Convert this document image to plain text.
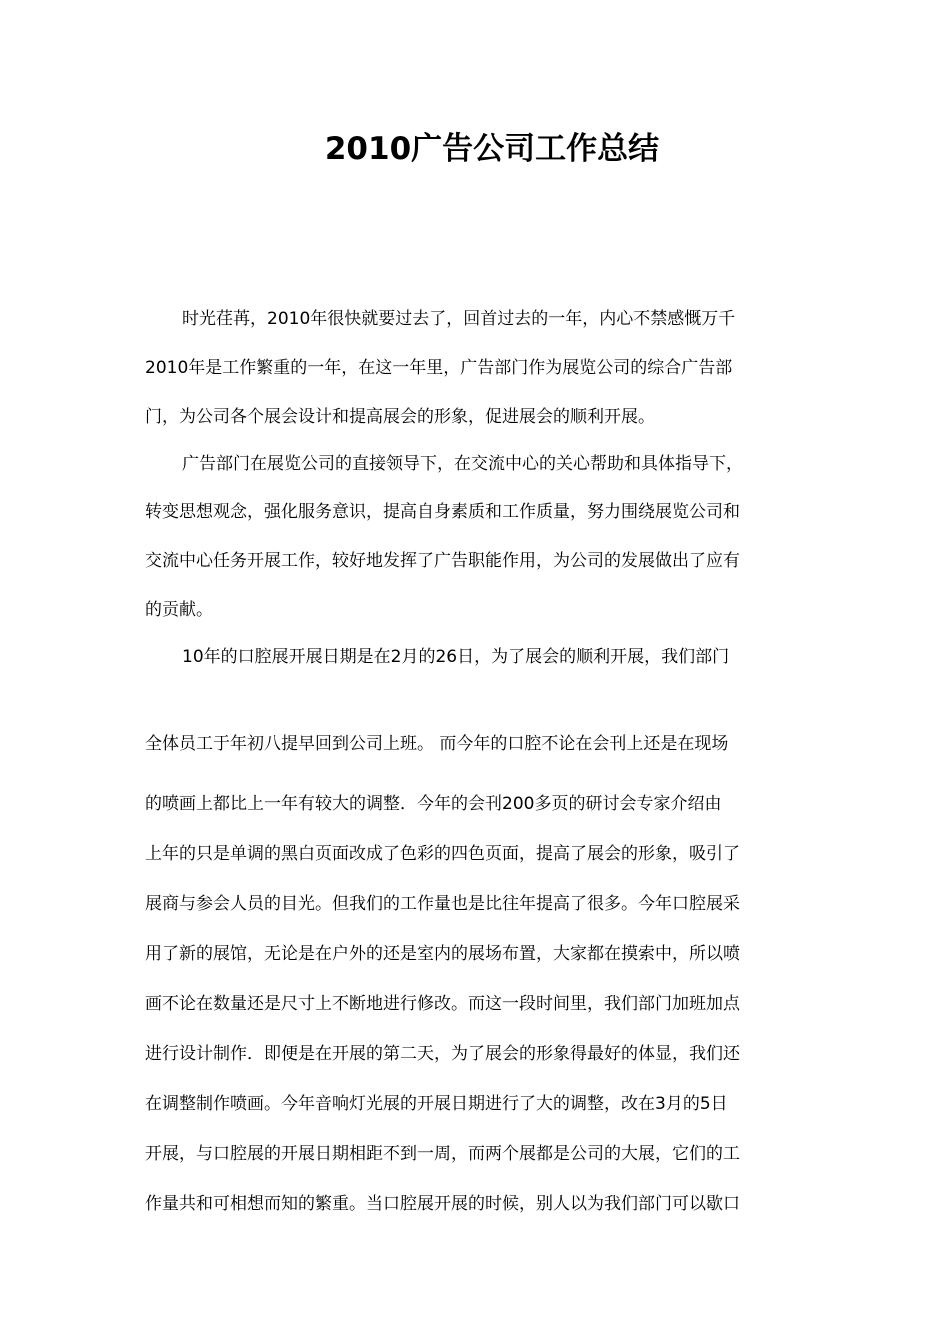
2010广告公司工作总结

时光荏苒，2010年很快就要过去了，回首过去的一年，内心不禁感慨万千

2010年是工作繁重的一年，在这一年里，广告部门作为展览公司的综合广告部

门，为公司各个展会设计和提高展会的形象，促进展会的顺利开展。

广告部门在展览公司的直接领导下，在交流中心的关心帮助和具体指导下，

转变思想观念，强化服务意识，提高自身素质和工作质量，努力围绕展览公司和

交流中心任务开展工作，较好地发挥了广告职能作用，为公司的发展做出了应有

的贡献。

10年的口腔展开展日期是在2月的26日，为了展会的顺利开展，我们部门

全体员工于年初八提早回到公司上班。 而今年的口腔不论在会刊上还是在现场

的喷画上都比上一年有较大的调整．今年的会刊200多页的研讨会专家介绍由

上年的只是单调的黑白页面改成了色彩的四色页面，提高了展会的形象，吸引了

展商与参会人员的目光。但我们的工作量也是比往年提高了很多。今年口腔展采

用了新的展馆，无论是在户外的还是室内的展场布置，大家都在摸索中，所以喷

画不论在数量还是尺寸上不断地进行修改。而这一段时间里，我们部门加班加点

进行设计制作．即便是在开展的第二天，为了展会的形象得最好的体显，我们还

在调整制作喷画。今年音响灯光展的开展日期进行了大的调整，改在3月的5日

开展，与口腔展的开展日期相距不到一周，而两个展都是公司的大展，它们的工

作量共和可相想而知的繁重。当口腔展开展的时候，别人以为我们部门可以歇口
